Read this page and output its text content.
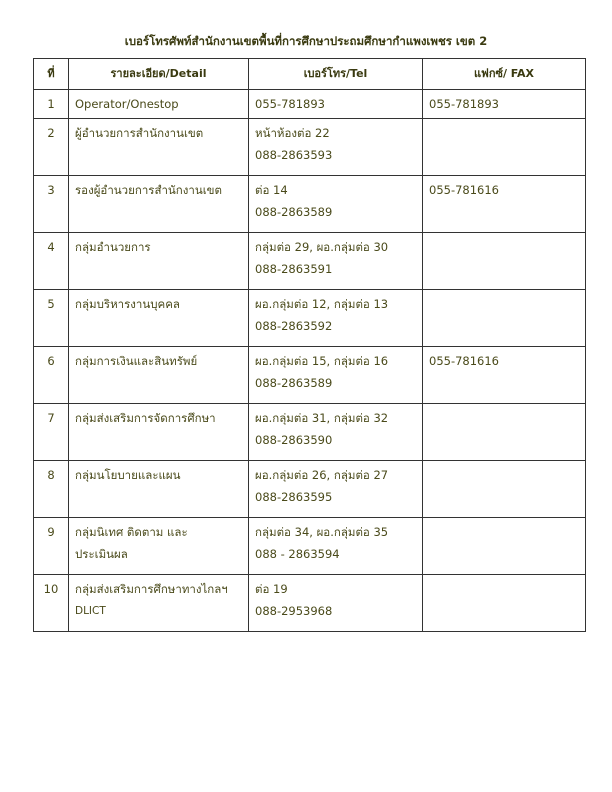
เบอร์โทรศัพท์สำนักงานเขตพื้นที่การศึกษาประถมศึกษากำแพงเพชร เขต 2
ที่	รายละเอียด/Detail	เบอร์โทร/Tel	แฟกซ์/ FAX
1	Operator/Onestop	055-781893	055-781893
2	ผู้อำนวยการสำนักงานเขต	หน้าห้องต่อ 22
088-2863593	

3	รองผู้อำนวยการสำนักงานเขต	ต่อ 14
088-2863589	055-781616
4	กลุ่มอำนวยการ	กลุ่มต่อ 29, ผอ.กลุ่มต่อ 30
088-2863591	

5	กลุ่มบริหารงานบุคคล	ผอ.กลุ่มต่อ 12, กลุ่มต่อ 13
088-2863592	

6	กลุ่มการเงินและสินทรัพย์	ผอ.กลุ่มต่อ 15, กลุ่มต่อ 16
088-2863589	055-781616
7	กลุ่มส่งเสริมการจัดการศึกษา	ผอ.กลุ่มต่อ 31, กลุ่มต่อ 32
088-2863590	

8	กลุ่มนโยบายและแผน	ผอ.กลุ่มต่อ 26, กลุ่มต่อ 27
088-2863595	

9	กลุ่มนิเทศ ติดตาม และ
ประเมินผล	กลุ่มต่อ 34, ผอ.กลุ่มต่อ 35
088 - 2863594	

10	กลุ่มส่งเสริมการศึกษาทางไกลฯ
DLICT	ต่อ 19
088-2953968	
